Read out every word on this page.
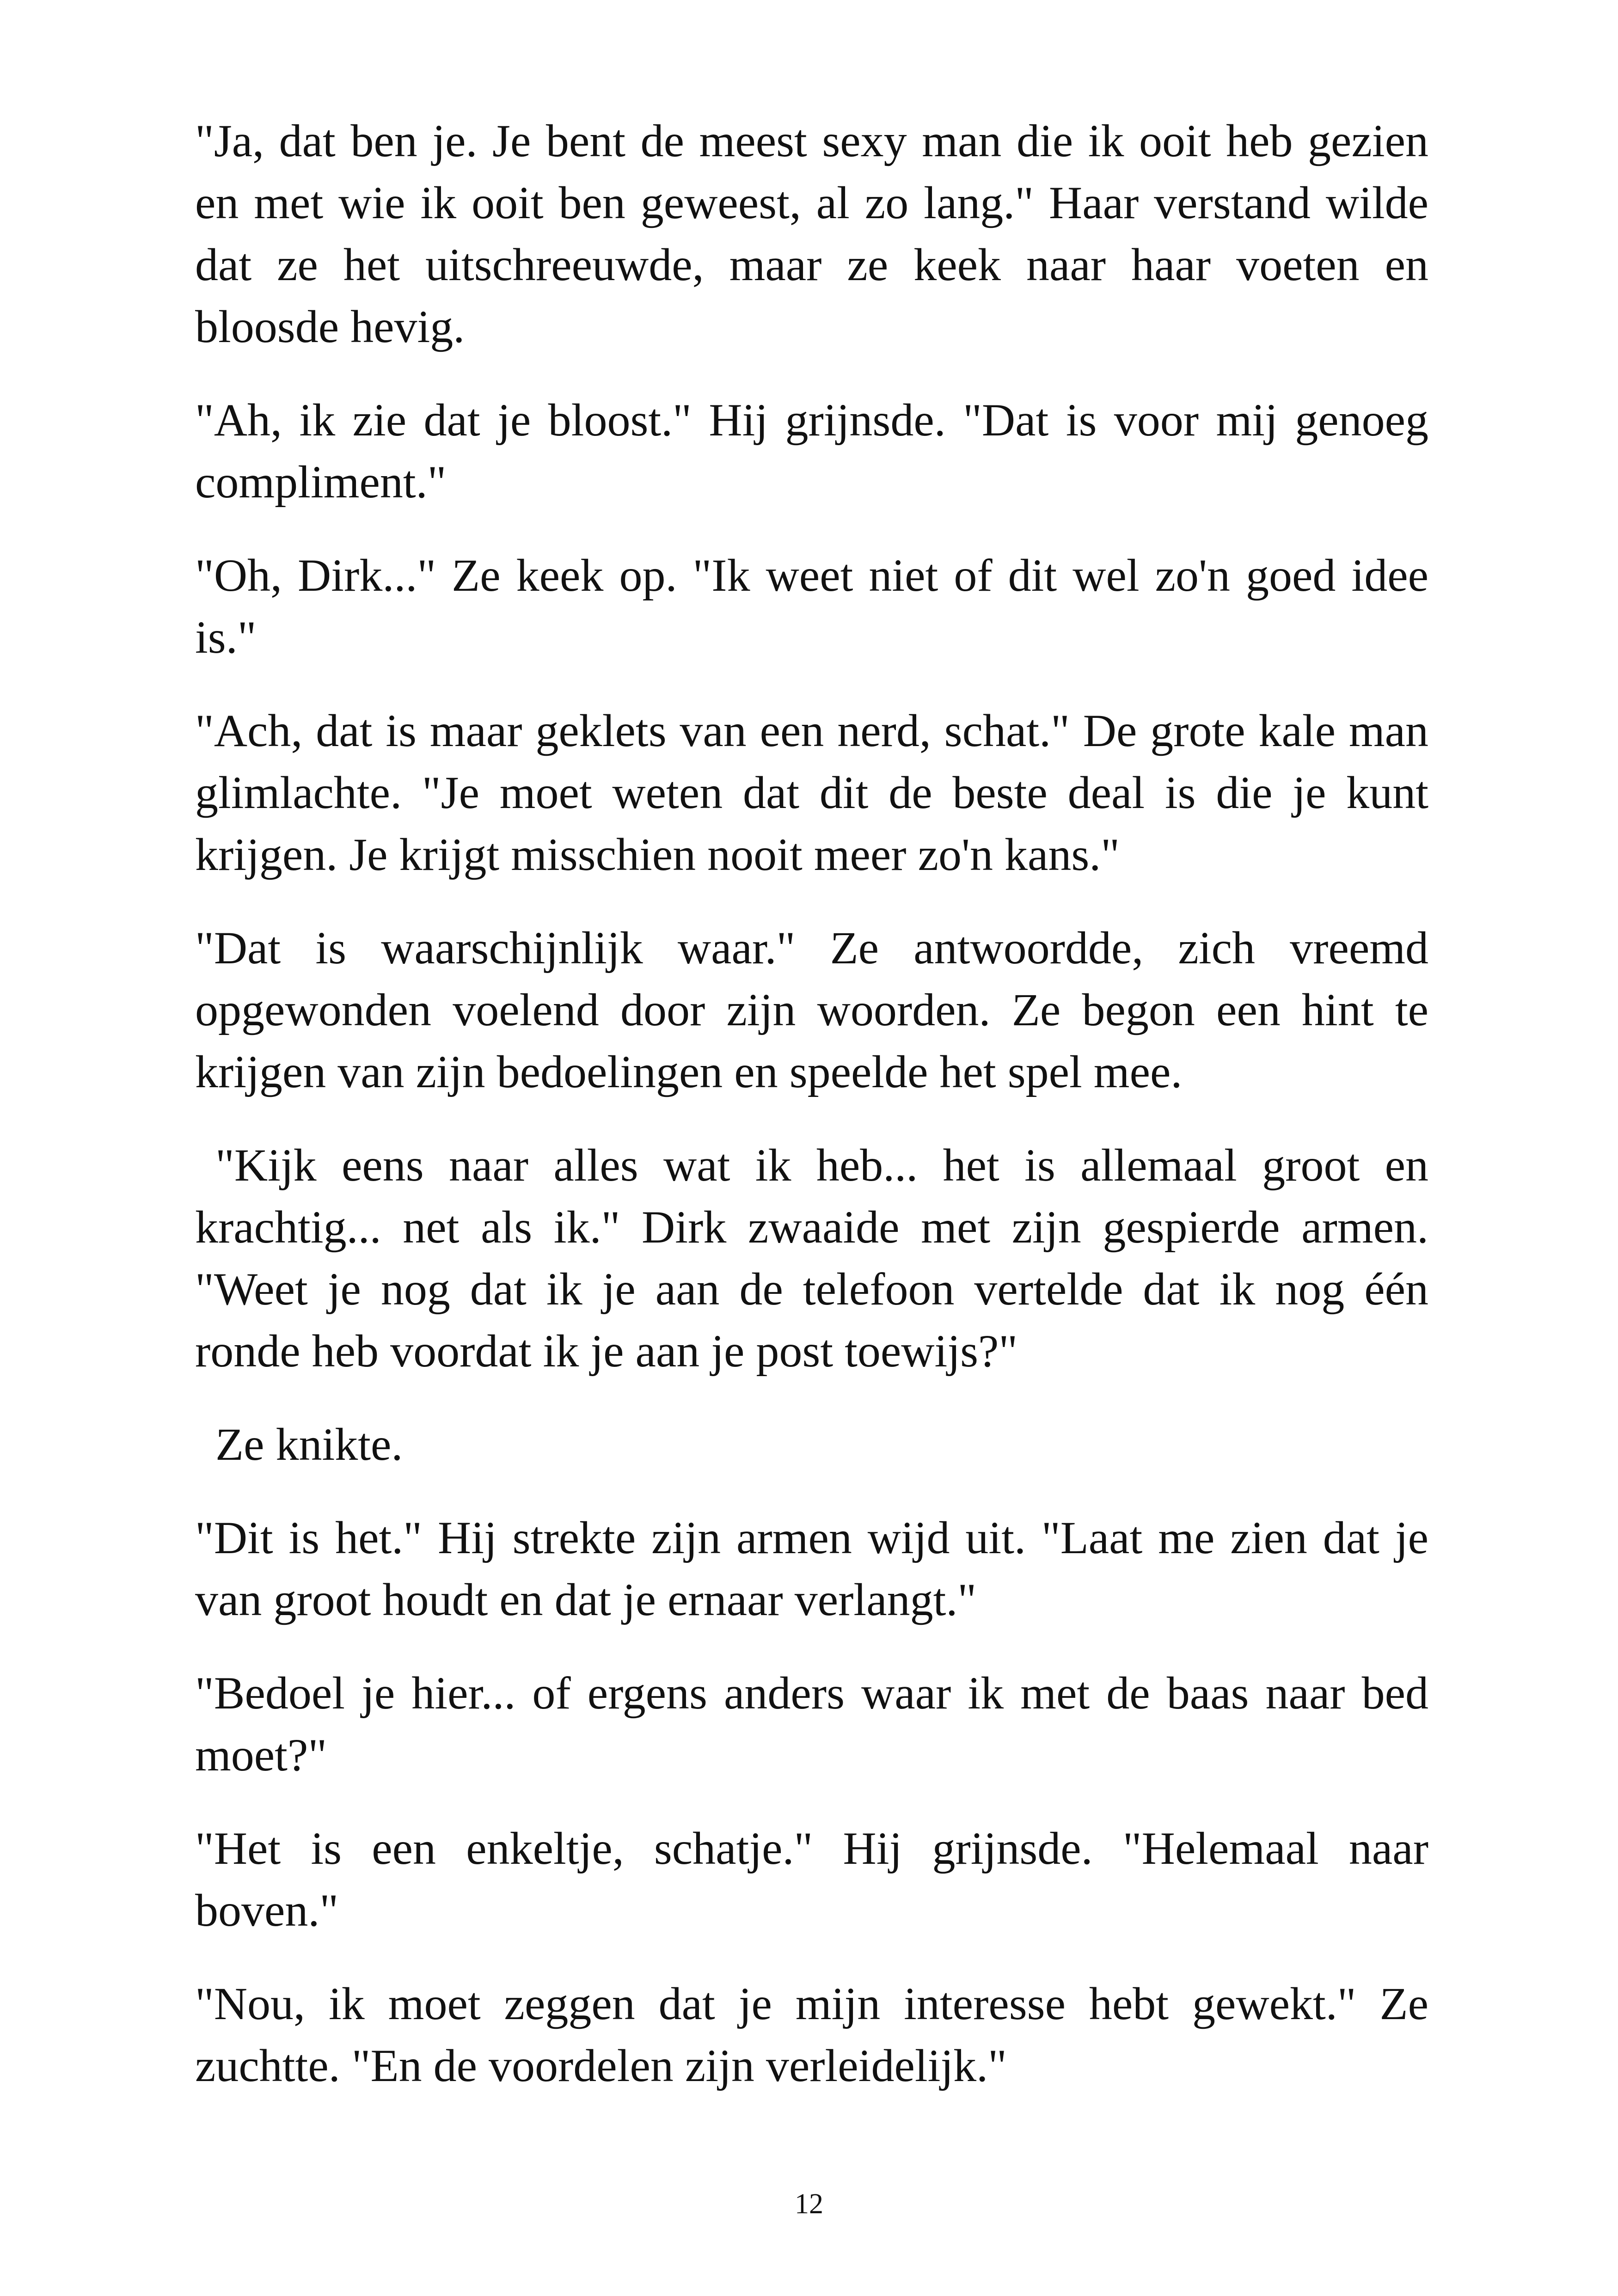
"Ja, dat ben je. Je bent de meest sexy man die ik ooit heb gezien en met wie ik ooit ben geweest, al zo lang." Haar verstand wilde dat ze het uitschreeuwde, maar ze keek naar haar voeten en bloosde hevig.

"Ah, ik zie dat je bloost." Hij grijnsde. "Dat is voor mij genoeg compliment."

"Oh, Dirk..." Ze keek op. "Ik weet niet of dit wel zo'n goed idee is."

"Ach, dat is maar geklets van een nerd, schat." De grote kale man glimlachte. "Je moet weten dat dit de beste deal is die je kunt krijgen. Je krijgt misschien nooit meer zo'n kans."

"Dat is waarschijnlijk waar." Ze antwoordde, zich vreemd opgewonden voelend door zijn woorden. Ze begon een hint te krijgen van zijn bedoelingen en speelde het spel mee.

"Kijk eens naar alles wat ik heb... het is allemaal groot en krachtig... net als ik." Dirk zwaaide met zijn gespierde armen. "Weet je nog dat ik je aan de telefoon vertelde dat ik nog één ronde heb voordat ik je aan je post toewijs?"

Ze knikte.

"Dit is het." Hij strekte zijn armen wijd uit. "Laat me zien dat je van groot houdt en dat je ernaar verlangt."

"Bedoel je hier... of ergens anders waar ik met de baas naar bed moet?"

"Het is een enkeltje, schatje." Hij grijnsde. "Helemaal naar boven."

"Nou, ik moet zeggen dat je mijn interesse hebt gewekt." Ze zuchtte. "En de voordelen zijn verleidelijk."

12
